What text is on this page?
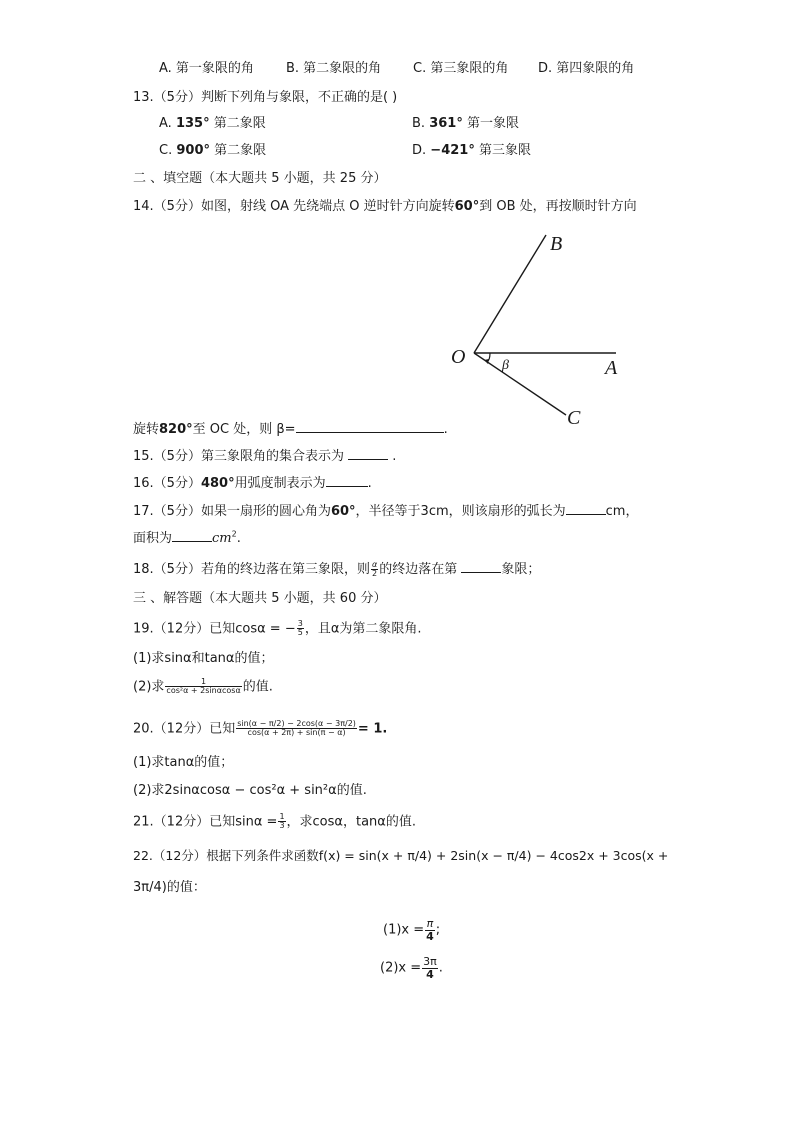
A. 第一象限的角 B. 第二象限的角 C. 第三象限的角 D. 第四象限的角
13.（5分）判断下列角与象限，不正确的是( )
A. 135° 第二象限	B. 361° 第一象限
C. 900° 第二象限	D. −421° 第三象限
二 、填空题（本大题共 5 小题，共 25 分）
14.（5分）如图，射线 OA 先绕端点 O 逆时针方向旋转60°到 OB 处，再按顺时针方向
B
O	A
C
β
旋转820°至 OC 处，则 β=	.
15.（5分）第三象限角的集合表示为	.
16.（5分）480°用弧度制表示为	.
17.（5分）如果一扇形的圆心角为60°，半径等于3cm，则该扇形的弧长为	cm，
面积为	$cm^2$.
18.（5分）若角的终边落在第三象限，则 $\frac{\alpha}{2}$ 的终边落在第	象限；
三 、解答题（本大题共 5 小题，共 60 分）
19.（12分）已知cosα = − $\frac{3}{5}$ ，且α为第二象限角.
(1)求sinα和tanα的值；
(2)求 $\frac{1}{\text{cos²α + 2sinαcosα}}$ 的值.
20.（12分）已知 $\frac{\sin(\alpha - \pi/2) - 2\cos(\alpha - 3\pi/2)}{\cos(\alpha + 2\pi) + \sin(\pi - \alpha)} = 1$.
(1)求tanα的值；
(2)求2sinαcosα − cos²α + sin²α的值.
21.（12分）已知$\sin\alpha = \frac{1}{3}$ ，求cosα，tanα的值.
22.（12分）根据下列条件求函数f(x) = sin(x + π/4) + 2sin(x − π/4) − 4cos2x + 3cos(x +
3π/4)的值：
$(1)x = \frac{\pi}{4}$ ;
$(2)x = \frac{3\pi}{4}$ .
